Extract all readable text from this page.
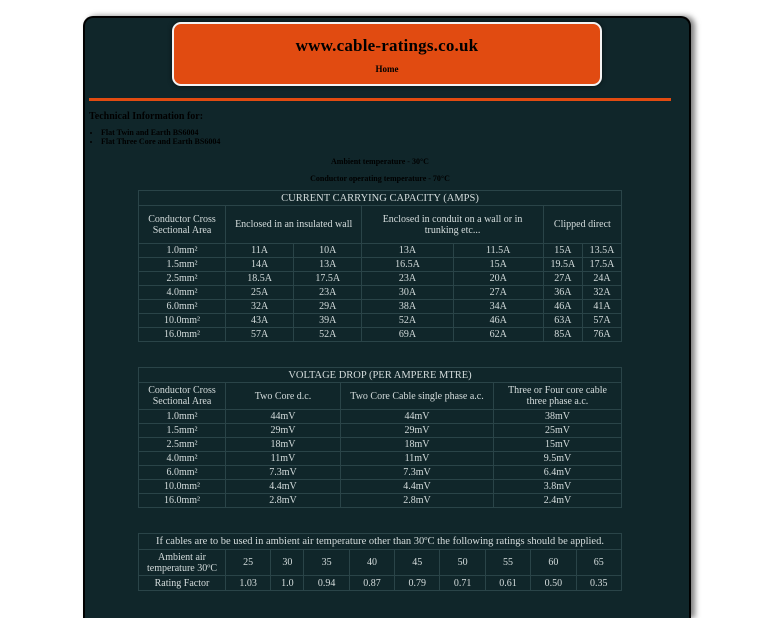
www.cable-ratings.co.uk
Home
Technical Information for:
• Flat Twin and Earth BS6004
• Flat Three Core and Earth BS6004
Ambient temperature - 30°C
Conductor operating temperature - 70°C
CURRENT CARRYING CAPACITY (AMPS)						
Conductor Cross Sectional Area	Enclosed in an insulated wall		Enclosed in conduit on a wall or in trunking etc...		Clipped direct	
1.0mm²	11A	10A	13A	11.5A	15A	13.5A
1.5mm²	14A	13A	16.5A	15A	19.5A	17.5A
2.5mm²	18.5A	17.5A	23A	20A	27A	24A
4.0mm²	25A	23A	30A	27A	36A	32A
6.0mm²	32A	29A	38A	34A	46A	41A
10.0mm²	43A	39A	52A	46A	63A	57A
16.0mm²	57A	52A	69A	62A	85A	76A
VOLTAGE DROP (PER AMPERE MTRE)			
Conductor Cross Sectional Area	Two Core d.c.	Two Core Cable single phase a.c.	Three or Four core cable three phase a.c.
1.0mm²	44mV	44mV	38mV
1.5mm²	29mV	29mV	25mV
2.5mm²	18mV	18mV	15mV
4.0mm²	11mV	11mV	9.5mV
6.0mm²	7.3mV	7.3mV	6.4mV
10.0mm²	4.4mV	4.4mV	3.8mV
16.0mm²	2.8mV	2.8mV	2.4mV
If cables are to be used in ambient air temperature other than 30ºC the following ratings should be applied.									
Ambient air temperature 30ºC	25	30	35	40	45	50	55	60	65
Rating Factor	1.03	1.0	0.94	0.87	0.79	0.71	0.61	0.50	0.35
